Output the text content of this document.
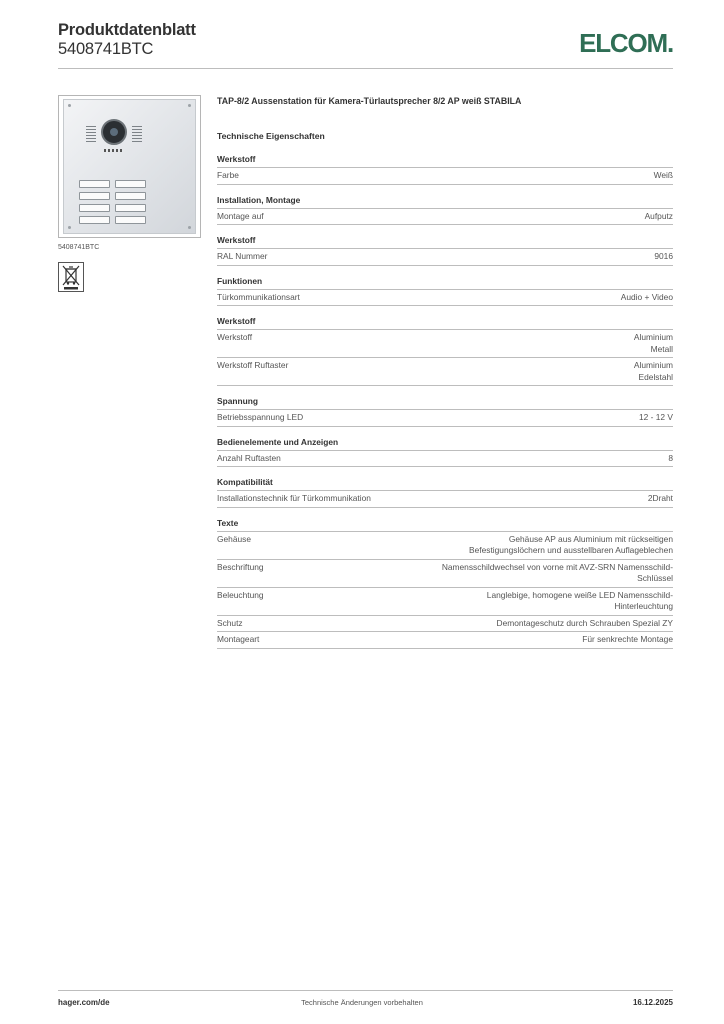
Produktdatenblatt
5408741BTC	ELCOM.
5408741BTC
TAP-8/2 Aussenstation für Kamera-Türlautsprecher 8/2 AP weiß STABILA
Technische Eigenschaften
Werkstoff
Farbe	Weiß
Installation, Montage
Montage auf	Aufputz
Werkstoff
RAL Nummer	9016
Funktionen
Türkommunikationsart	Audio + Video
Werkstoff
Werkstoff	Aluminium
Metall
Werkstoff Ruftaster	Aluminium
Edelstahl
Spannung
Betriebsspannung LED	12 - 12 V
Bedienelemente und Anzeigen
Anzahl Ruftasten	8
Kompatibilität
Installationstechnik für Türkommunikation	2Draht
Texte
Gehäuse	Gehäuse AP aus Aluminium mit rückseitigen
Befestigungslöchern und ausstellbaren Auflageblechen
Beschriftung	Namensschildwechsel von vorne mit AVZ-SRN Namensschild-
Schlüssel
Beleuchtung	Langlebige, homogene weiße LED Namensschild-
Hinterleuchtung
Schutz	Demontageschutz durch Schrauben Spezial ZY
Montageart	Für senkrechte Montage
hager.com/de	Technische Änderungen vorbehalten	16.12.2025
